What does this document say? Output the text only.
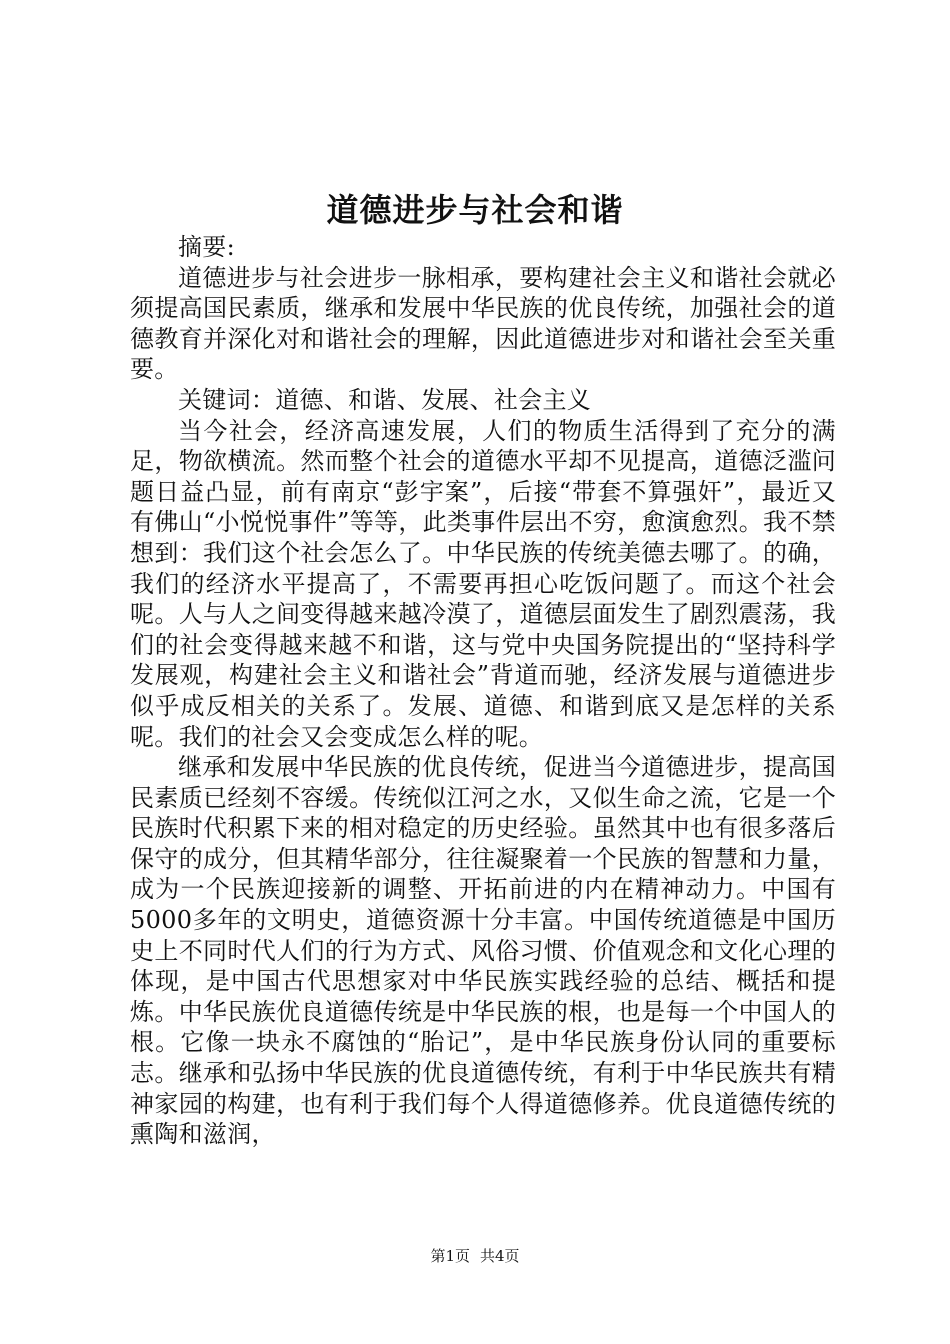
道德进步与社会和谐

摘要:

道德进步与社会进步一脉相承，要构建社会主义和谐社会就必须提高国民素质，继承和发展中华民族的优良传统，加强社会的道德教育并深化对和谐社会的理解，因此道德进步对和谐社会至关重要。

关键词：道德、和谐、发展、社会主义

当今社会，经济高速发展，人们的物质生活得到了充分的满足，物欲横流。然而整个社会的道德水平却不见提高，道德泛滥问题日益凸显，前有南京“彭宇案”，后接“带套不算强奸”，最近又有佛山“小悦悦事件”等等，此类事件层出不穷，愈演愈烈。我不禁想到：我们这个社会怎么了。中华民族的传统美德去哪了。的确，我们的经济水平提高了，不需要再担心吃饭问题了。而这个社会呢。人与人之间变得越来越冷漠了，道德层面发生了剧烈震荡，我们的社会变得越来越不和谐，这与党中央国务院提出的“坚持科学发展观，构建社会主义和谐社会”背道而驰，经济发展与道德进步似乎成反相关的关系了。发展、道德、和谐到底又是怎样的关系呢。我们的社会又会变成怎么样的呢。

继承和发展中华民族的优良传统，促进当今道德进步，提高国民素质已经刻不容缓。传统似江河之水，又似生命之流，它是一个民族时代积累下来的相对稳定的历史经验。虽然其中也有很多落后保守的成分，但其精华部分，往往凝聚着一个民族的智慧和力量，成为一个民族迎接新的调整、开拓前进的内在精神动力。中国有5000多年的文明史，道德资源十分丰富。中国传统道德是中国历史上不同时代人们的行为方式、风俗习惯、价值观念和文化心理的体现，是中国古代思想家对中华民族实践经验的总结、概括和提炼。中华民族优良道德传统是中华民族的根，也是每一个中国人的根。它像一块永不腐蚀的“胎记”，是中华民族身份认同的重要标志。继承和弘扬中华民族的优良道德传统，有利于中华民族共有精神家园的构建，也有利于我们每个人得道德修养。优良道德传统的熏陶和滋润，

第1页 共4页
